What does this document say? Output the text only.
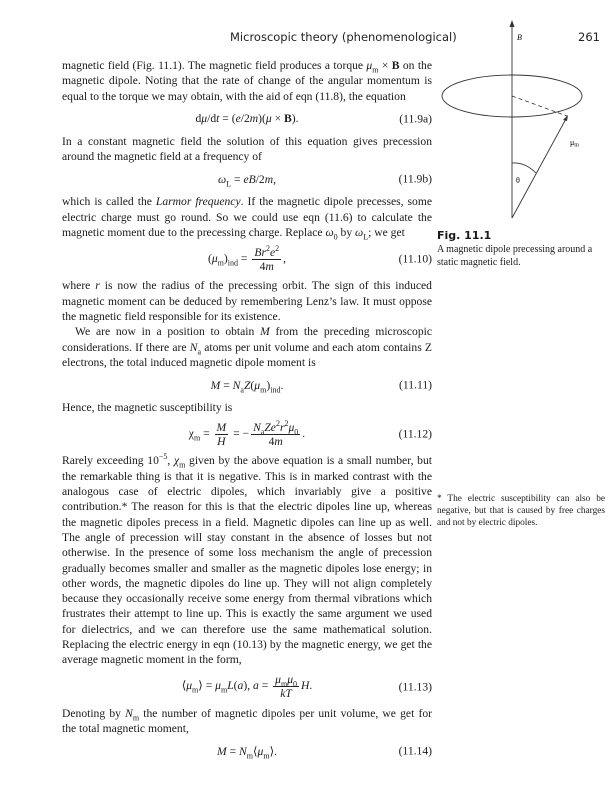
Microscopic theory (phenomenological)	261

magnetic field (Fig. 11.1). The magnetic field produces a torque $\mu_m \times B$ on the magnetic dipole. Noting that the rate of change of the angular momentum is equal to the torque we may obtain, with the aid of eqn (11.8), the equation

dμ/dt = (e/2m)(μ × B).	(11.9a)

In a constant magnetic field the solution of this equation gives precession around the magnetic field at a frequency of

$\omega_L = eB/2m$,	(11.9b)

which is called the Larmor frequency. If the magnetic dipole precesses, some electric charge must go round. So we could use eqn (11.6) to calculate the magnetic moment due to the precessing charge. Replace $\omega_0$ by $\omega_L$; we get

$(\mu_m)_{ind} = \frac{Br^2e^2}{4m}$ ,	(11.10)

where r is now the radius of the precessing orbit. The sign of this induced magnetic moment can be deduced by remembering Lenz’s law. It must oppose the magnetic field responsible for its existence.

We are now in a position to obtain M from the preceding microscopic considerations. If there are $N_a$ atoms per unit volume and each atom contains Z electrons, the total induced magnetic dipole moment is

$M = N_aZ(\mu_m)_{ind}$.	(11.11)

Hence, the magnetic susceptibility is

$\chi_m = \frac{M}{H}$ = − $\frac{N_aZe^2r^2\mu_0}{4m}$ .	(11.12)

Rarely exceeding $10^{-5}$, $\chi_m$ given by the above equation is a small number, but the remarkable thing is that it is negative. This is in marked contrast with the analogous case of electric dipoles, which invariably give a positive contribution.* The reason for this is that the electric dipoles line up, whereas the magnetic dipoles precess in a field. Magnetic dipoles can line up as well. The angle of precession will stay constant in the absence of losses but not otherwise. In the presence of some loss mechanism the angle of precession gradually becomes smaller and smaller as the magnetic dipoles lose energy; in other words, the magnetic dipoles do line up. They will not align completely because they occasionally receive some energy from thermal vibrations which frustrates their attempt to line up. This is exactly the same argument we used for dielectrics, and we can therefore use the same mathematical solution. Replacing the electric energy in eqn (10.13) by the magnetic energy, we get the average magnetic moment in the form,

$⟨\mu_m⟩ = \mu_mL(a)$, $a = \frac{\mu_m\mu_0}{kT} H$.	(11.13)

Denoting by $N_m$ the number of magnetic dipoles per unit volume, we get for the total magnetic moment,

$M = N_m⟨\mu_m⟩$.	(11.14)
B
θ
μm
Fig. 11.1
A magnetic dipole precessing around a static magnetic field.
* The electric susceptibility can also be negative, but that is caused by free charges and not by electric dipoles.
